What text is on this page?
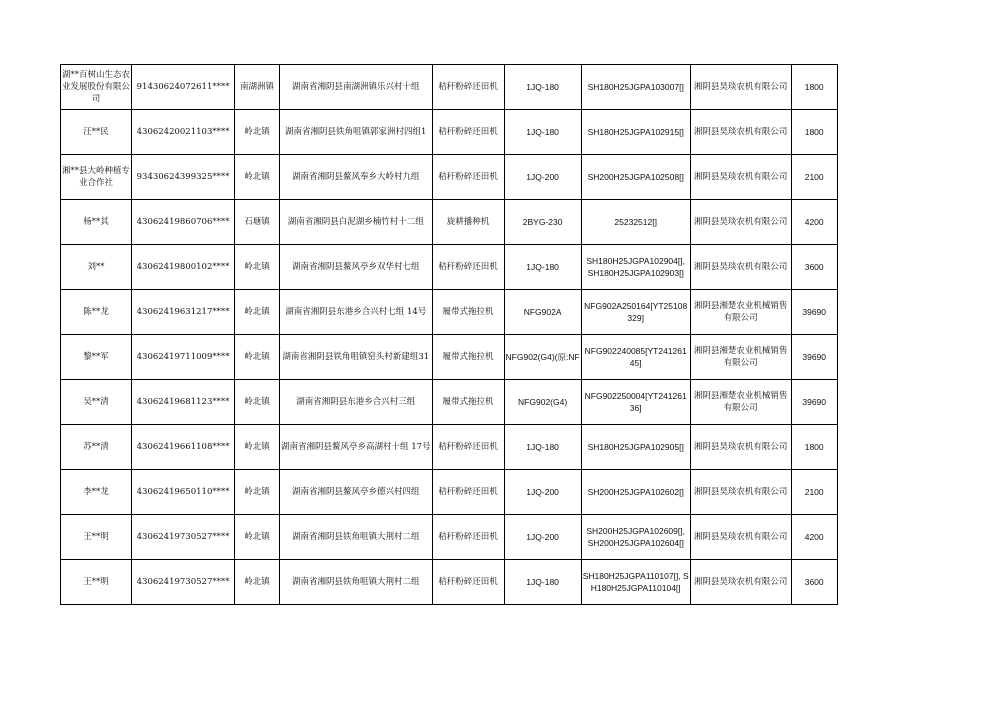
湖**百树山生态农业发展股份有限公司	91430624072611****	南湖洲镇	湖南省湘阴县南湖洲镇乐兴村十组	秸秆粉碎还田机	1JQ-180	SH180H25JGPA103007[]	湘阴县昊琰农机有限公司	1800
汪**民	43062420021103****	岭北镇	湖南省湘阴县铁角咀镇郭家洲村四组1	秸秆粉碎还田机	1JQ-180	SH180H25JGPA102915[]	湘阴县昊琰农机有限公司	1800
湘**县大岭种植专业合作社	93430624399325****	岭北镇	湖南省湘阴县鳌风奉乡大岭村九组	秸秆粉碎还田机	1JQ-200	SH200H25JGPA102508[]	湘阴县昊琰农机有限公司	2100
杨**其	43062419860706****	石塘镇	湖南省湘阴县白泥湖乡楠竹村十二组	旋耕播种机	2BYG-230	25232512[]	湘阴县昊琰农机有限公司	4200
刘**	43062419800102****	岭北镇	湖南省湘阴县鳌风亭乡双华村七组	秸秆粉碎还田机	1JQ-180	SH180H25JGPA102904[], SH180H25JGPA102903[]	湘阴县昊琰农机有限公司	3600
陈**龙	43062419631217****	岭北镇	湖南省湘阴县东港乡合兴村七组 14号	履带式拖拉机	NFG902A	NFG902A250164[YT25108329]	湘阴县湘楚农业机械销售有限公司	39690
黎**军	43062419711009****	岭北镇	湖南省湘阴县铁角咀镇窑头村新建组31	履带式拖拉机	NFG902(G4)(原:NF	NFG902240085[YT24126145]	湘阴县湘楚农业机械销售有限公司	39690
吴**清	43062419681123****	岭北镇	湖南省湘阴县东港乡合兴村三组	履带式拖拉机	NFG902(G4)	NFG902250004[YT24126136]	湘阴县湘楚农业机械销售有限公司	39690
苏**清	43062419661108****	岭北镇	湖南省湘阴县鳌风亭乡高湖村十组 17号	秸秆粉碎还田机	1JQ-180	SH180H25JGPA102905[]	湘阴县昊琰农机有限公司	1800
李**龙	43062419650110****	岭北镇	湖南省湘阴县鳌风亭乡德兴村四组	秸秆粉碎还田机	1JQ-200	SH200H25JGPA102602[]	湘阴县昊琰农机有限公司	2100
王**明	43062419730527****	岭北镇	湖南省湘阴县铁角咀镇大荆村二组	秸秆粉碎还田机	1JQ-200	SH200H25JGPA102609[], SH200H25JGPA102604[]	湘阴县昊琰农机有限公司	4200
王**明	43062419730527****	岭北镇	湖南省湘阴县铁角咀镇大荆村二组	秸秆粉碎还田机	1JQ-180	SH180H25JGPA110107[], SH180H25JGPA110104[]	湘阴县昊琰农机有限公司	3600
